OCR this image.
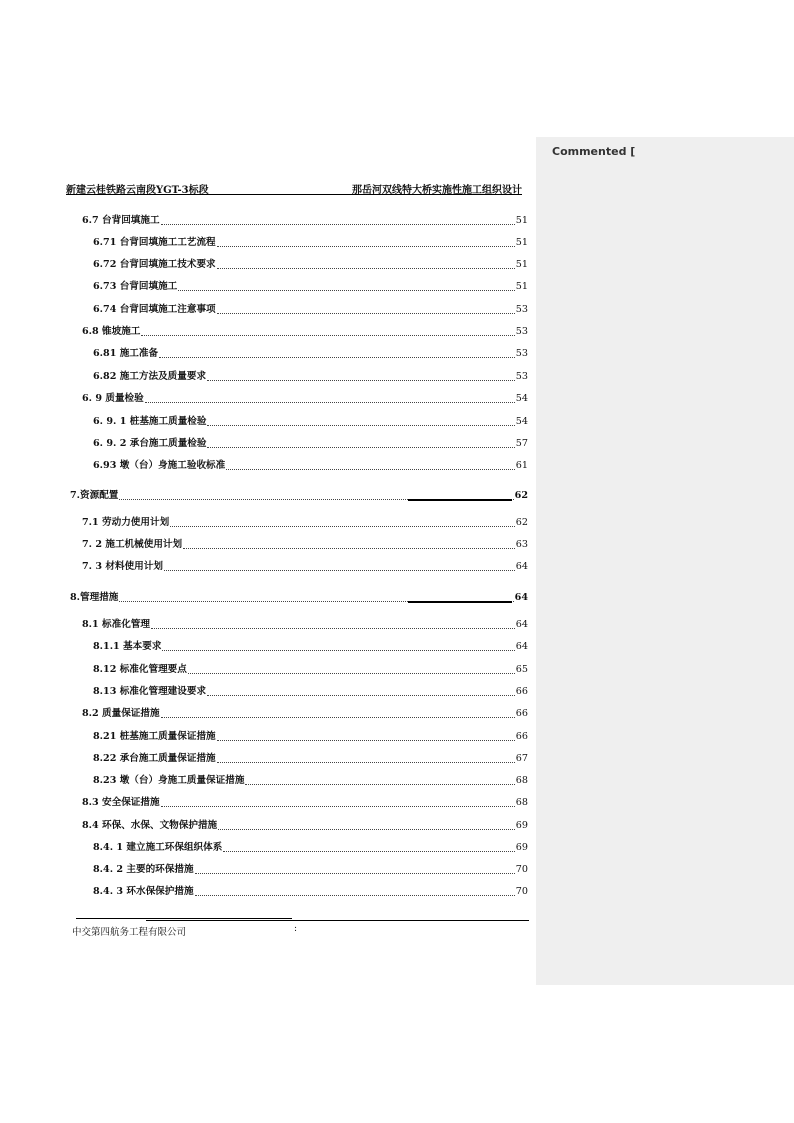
Commented [
新建云桂铁路云南段YGT-3标段	那岳河双线特大桥实施性施工组织设计
6.7 台背回填施工	51
6.71 台背回填施工工艺流程	51
6.72 台背回填施工技术要求	51
6.73 台背回填施工	51
6.74 台背回填施工注意事项	53
6.8 锥坡施工	53
6.81 施工准备	53
6.82 施工方法及质量要求	53
6. 9 质量检验	54
6. 9. 1 桩基施工质量检验	54
6. 9. 2 承台施工质量检验	57
6.93 墩（台）身施工验收标准	61
7.资源配置	62
7.1 劳动力使用计划	62
7. 2 施工机械使用计划	63
7. 3 材料使用计划	64
8.管理措施	64
8.1 标准化管理	64
8.1.1 基本要求	64
8.12 标准化管理要点	65
8.13 标准化管理建设要求	66
8.2 质量保证措施	66
8.21 桩基施工质量保证措施	66
8.22 承台施工质量保证措施	67
8.23 墩（台）身施工质量保证措施	68
8.3 安全保证措施	68
8.4 环保、水保、文物保护措施	69
8.4. 1 建立施工环保组织体系	69
8.4. 2 主要的环保措施	70
8.4. 3 环水保保护措施	70
中交第四航务工程有限公司	:
